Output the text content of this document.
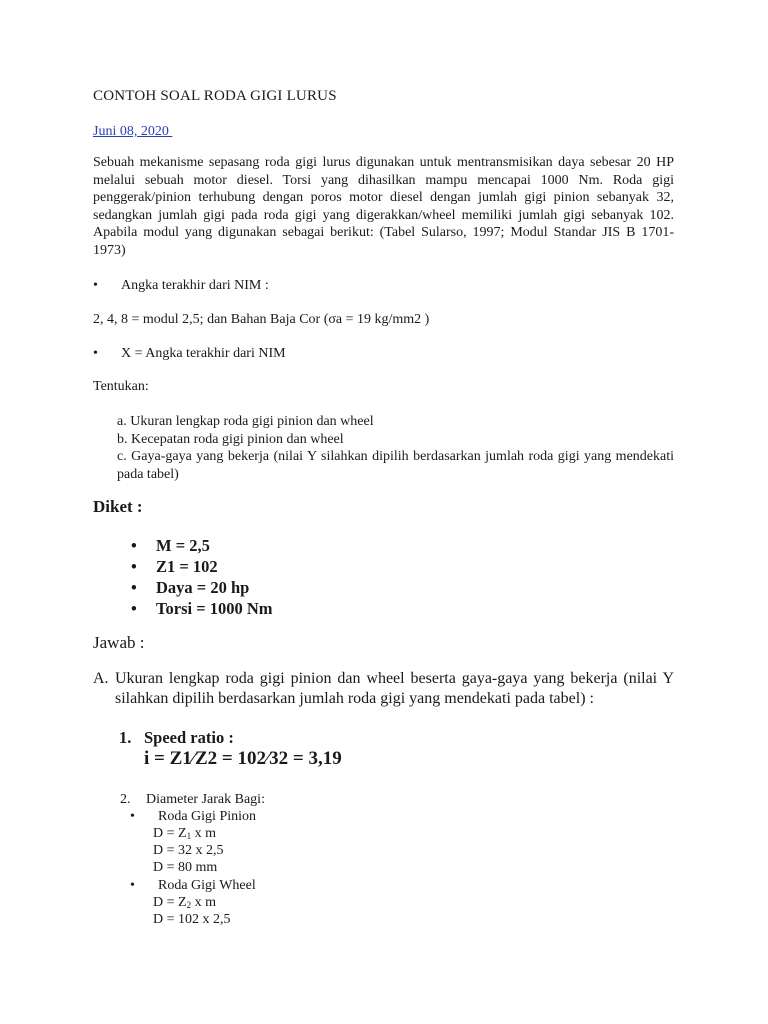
CONTOH SOAL RODA GIGI LURUS
Juni 08, 2020
Sebuah mekanisme sepasang roda gigi lurus digunakan untuk mentransmisikan daya sebesar 20 HP melalui sebuah motor diesel. Torsi yang dihasilkan mampu mencapai 1000 Nm. Roda gigi penggerak/pinion terhubung dengan poros motor diesel dengan jumlah gigi pinion sebanyak 32, sedangkan jumlah gigi pada roda gigi yang digerakkan/wheel memiliki jumlah gigi sebanyak 102. Apabila modul yang digunakan sebagai berikut: (Tabel Sularso, 1997; Modul Standar JIS B 1701- 1973)
• Angka terakhir dari NIM :
2, 4, 8 = modul 2,5; dan Bahan Baja Cor (σa = 19 kg/mm2 )
• X = Angka terakhir dari NIM
Tentukan:
a. Ukuran lengkap roda gigi pinion dan wheel
b. Kecepatan roda gigi pinion dan wheel
c. Gaya-gaya yang bekerja (nilai Y silahkan dipilih berdasarkan jumlah roda gigi yang mendekati pada tabel)
Diket :
• M = 2,5
• Z1 = 102
• Daya = 20 hp
• Torsi = 1000 Nm
Jawab :
A. Ukuran lengkap roda gigi pinion dan wheel beserta gaya-gaya yang bekerja (nilai Y silahkan dipilih berdasarkan jumlah roda gigi yang mendekati pada tabel) :
1. Speed ratio :
i = Z1⁄Z2 = 102⁄32 = 3,19
2. Diameter Jarak Bagi:
• Roda Gigi Pinion
$D = Z_1$ x m
D = 32 x 2,5
D = 80 mm
• Roda Gigi Wheel
$D = Z_2$ x m
D = 102 x 2,5
